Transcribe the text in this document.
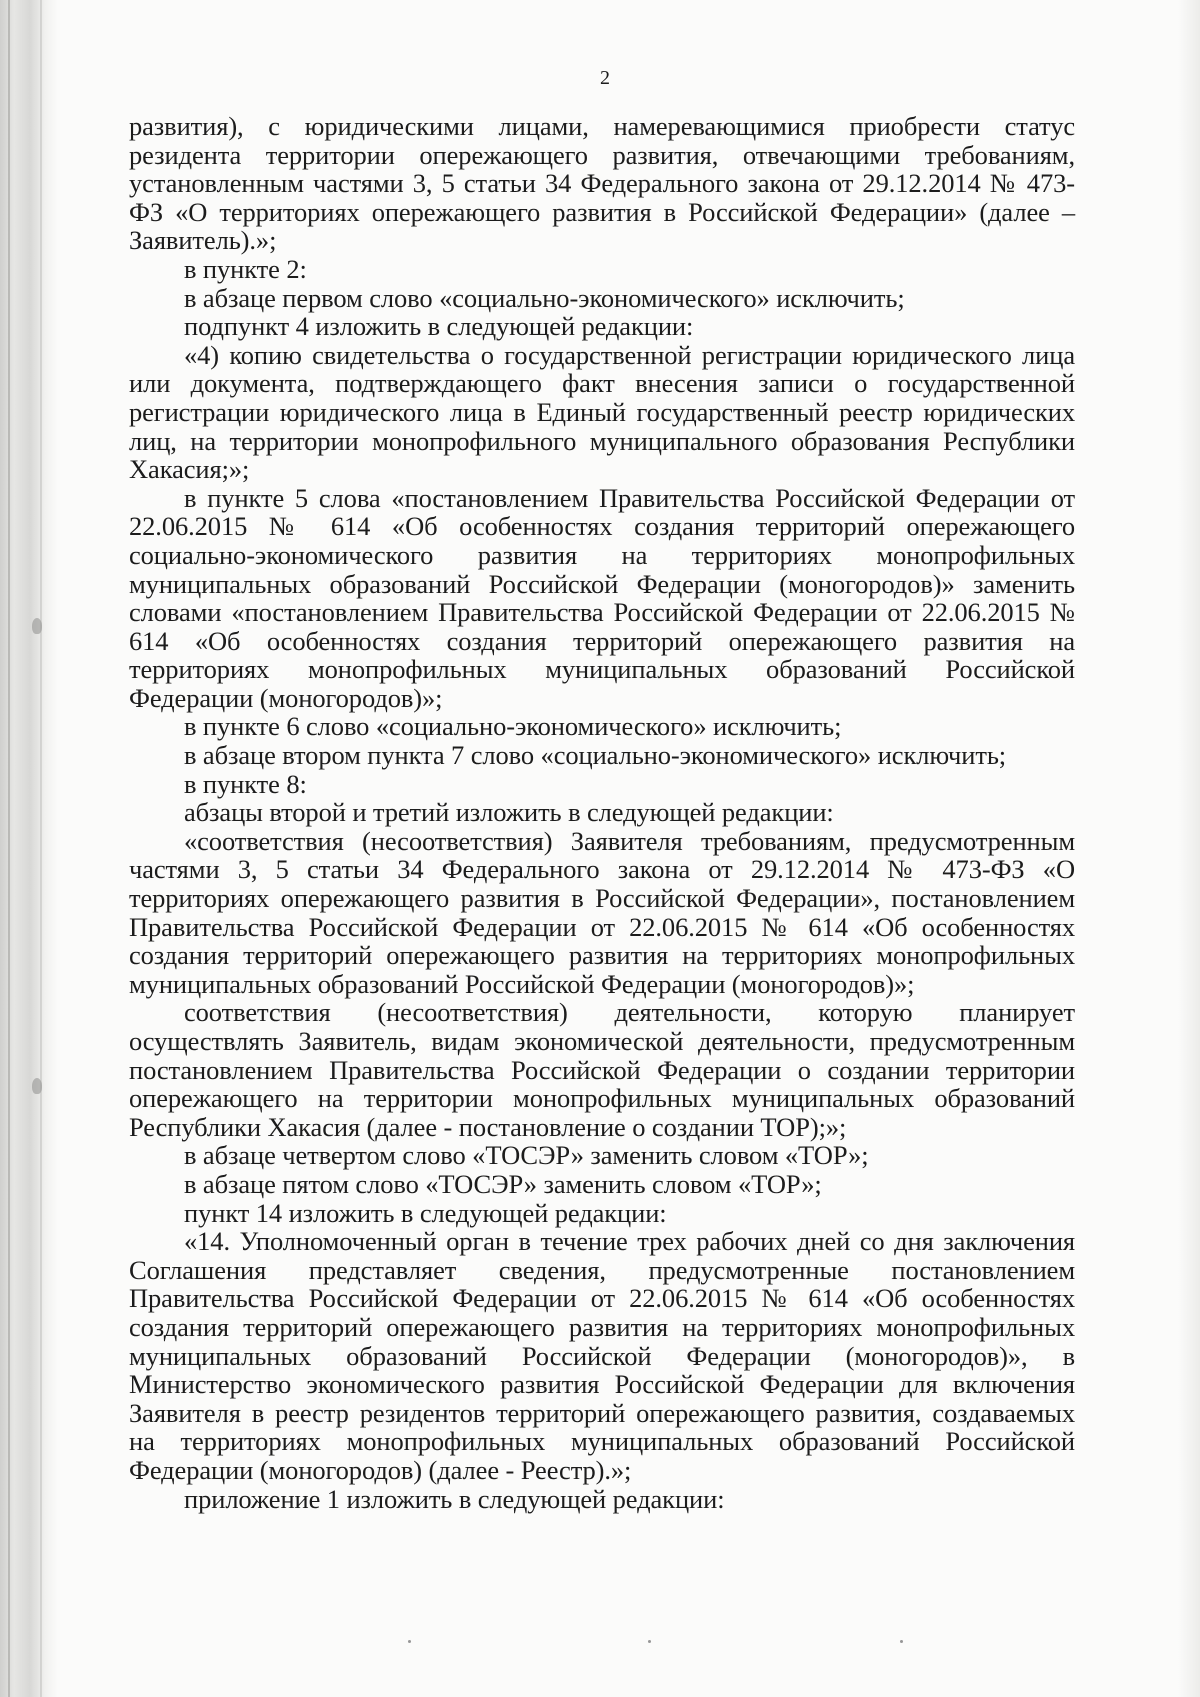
2

развития), с юридическими лицами, намеревающимися приобрести статус резидента территории опережающего развития, отвечающими требованиям, установленным частями 3, 5 статьи 34 Федерального закона от 29.12.2014 № 473-ФЗ «О территориях опережающего развития в Российской Федерации» (далее – Заявитель).»;

в пункте 2:

в абзаце первом слово «социально-экономического» исключить;

подпункт 4 изложить в следующей редакции:

«4) копию свидетельства о государственной регистрации юридического лица или документа, подтверждающего факт внесения записи о государственной регистрации юридического лица в Единый государственный реестр юридических лиц, на территории монопрофильного муниципального образования Республики Хакасия;»;

в пункте 5 слова «постановлением Правительства Российской Федерации от 22.06.2015 № 614 «Об особенностях создания территорий опережающего социально-экономического развития на территориях монопрофильных муниципальных образований Российской Федерации (моногородов)» заменить словами «постановлением Правительства Российской Федерации от 22.06.2015 № 614 «Об особенностях создания территорий опережающего развития на территориях монопрофильных муниципальных образований Российской Федерации (моногородов)»;

в пункте 6 слово «социально-экономического» исключить;

в абзаце втором пункта 7 слово «социально-экономического» исключить;

в пункте 8:

абзацы второй и третий изложить в следующей редакции:

«соответствия (несоответствия) Заявителя требованиям, предусмотренным частями 3, 5 статьи 34 Федерального закона от 29.12.2014 № 473-ФЗ «О территориях опережающего развития в Российской Федерации», постановлением Правительства Российской Федерации от 22.06.2015 № 614 «Об особенностях создания территорий опережающего развития на территориях монопрофильных муниципальных образований Российской Федерации (моногородов)»;

соответствия (несоответствия) деятельности, которую планирует осуществлять Заявитель, видам экономической деятельности, предусмотренным постановлением Правительства Российской Федерации о создании территории опережающего на территории монопрофильных муниципальных образований Республики Хакасия (далее - постановление о создании ТОР);»;

в абзаце четвертом слово «ТОСЭР» заменить словом «ТОР»;

в абзаце пятом слово «ТОСЭР» заменить словом «ТОР»;

пункт 14 изложить в следующей редакции:

«14. Уполномоченный орган в течение трех рабочих дней со дня заключения Соглашения представляет сведения, предусмотренные постановлением Правительства Российской Федерации от 22.06.2015 № 614 «Об особенностях создания территорий опережающего развития на территориях монопрофильных муниципальных образований Российской Федерации (моногородов)», в Министерство экономического развития Российской Федерации для включения Заявителя в реестр резидентов территорий опережающего развития, создаваемых на территориях монопрофильных муниципальных образований Российской Федерации (моногородов) (далее - Реестр).»;

приложение 1 изложить в следующей редакции:
